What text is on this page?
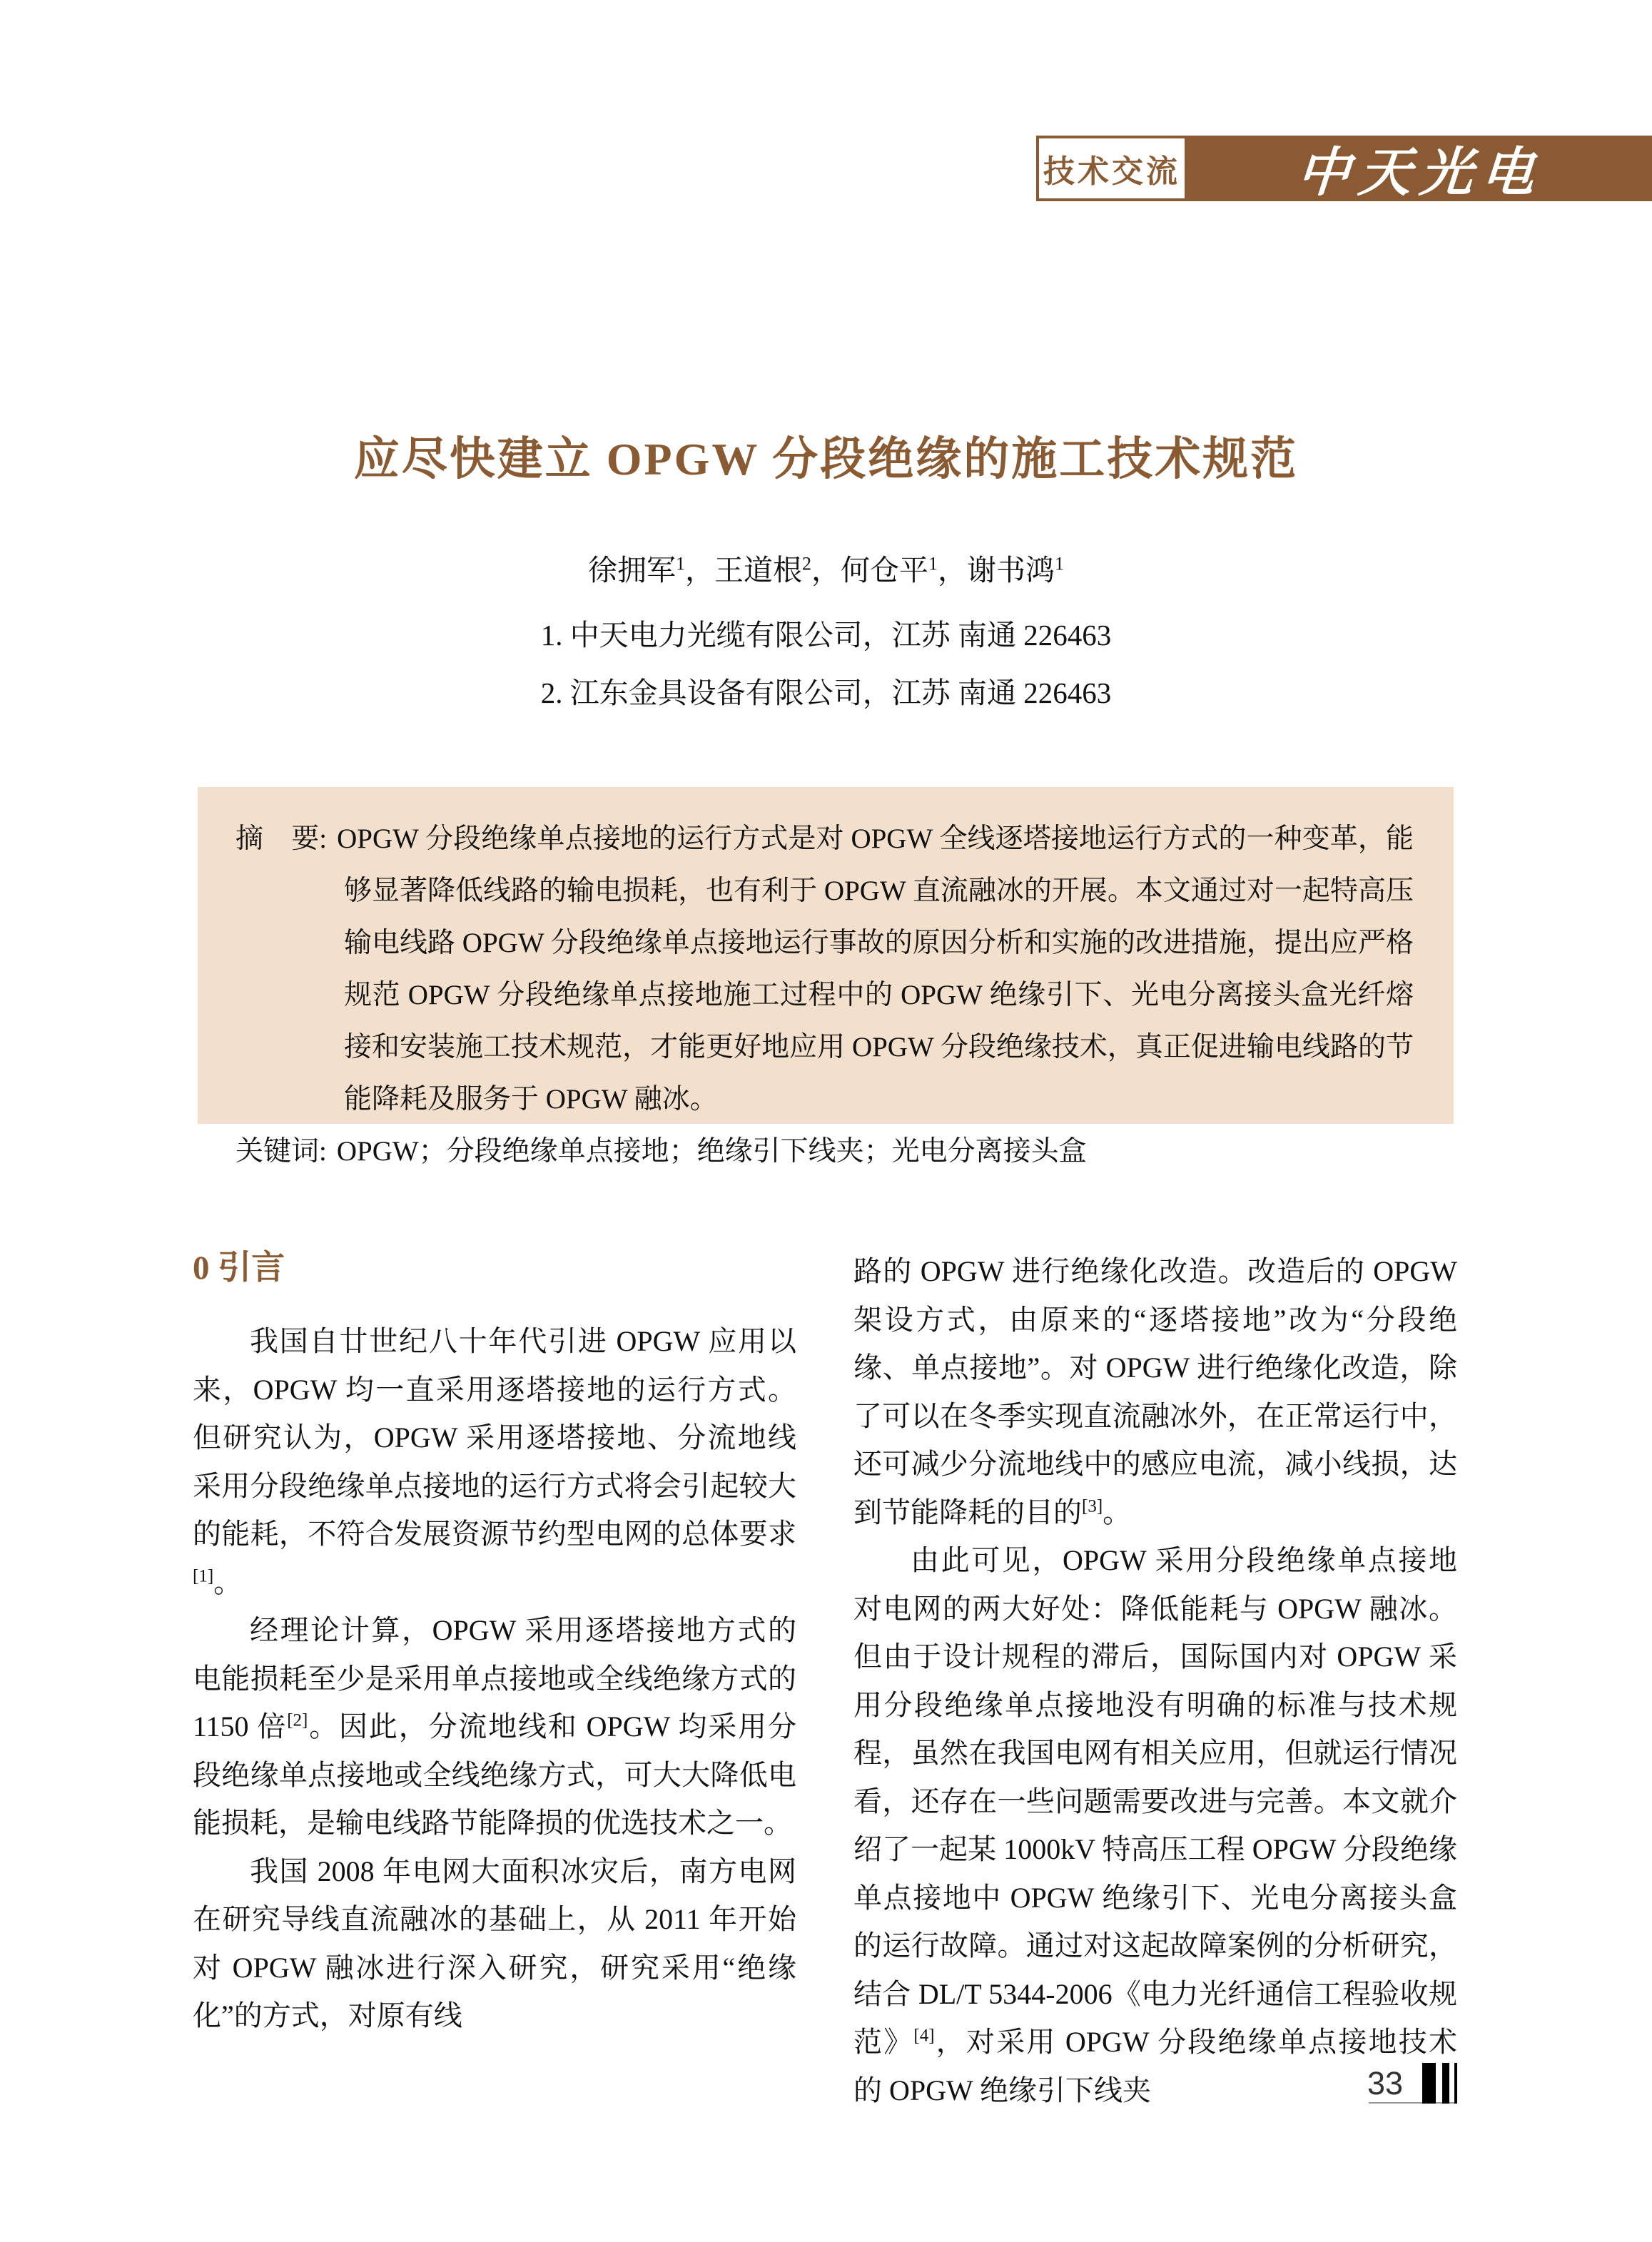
技术交流 中天光电
应尽快建立 OPGW 分段绝缘的施工技术规范
徐拥军$^1$，王道根$^2$，何仓平$^1$，谢书鸿$^1$
1. 中天电力光缆有限公司，江苏 南通 226463
2. 江东金具设备有限公司，江苏 南通 226463

摘　要: OPGW 分段绝缘单点接地的运行方式是对 OPGW 全线逐塔接地运行方式的一种变革，能够显著降低线路的输电损耗，也有利于 OPGW 直流融冰的开展。本文通过对一起特高压输电线路 OPGW 分段绝缘单点接地运行事故的原因分析和实施的改进措施，提出应严格规范 OPGW 分段绝缘单点接地施工过程中的 OPGW 绝缘引下、光电分离接头盒光纤熔接和安装施工技术规范，才能更好地应用 OPGW 分段绝缘技术，真正促进输电线路的节能降耗及服务于 OPGW 融冰。

关键词: OPGW；分段绝缘单点接地；绝缘引下线夹；光电分离接头盒

0 引言

我国自廿世纪八十年代引进 OPGW 应用以来，OPGW 均一直采用逐塔接地的运行方式。但研究认为，OPGW 采用逐塔接地、分流地线采用分段绝缘单点接地的运行方式将会引起较大的能耗，不符合发展资源节约型电网的总体要求[1]。

经理论计算，OPGW 采用逐塔接地方式的电能损耗至少是采用单点接地或全线绝缘方式的 1150 倍[2]。因此，分流地线和 OPGW 均采用分段绝缘单点接地或全线绝缘方式，可大大降低电能损耗，是输电线路节能降损的优选技术之一。

我国 2008 年电网大面积冰灾后，南方电网在研究导线直流融冰的基础上，从 2011 年开始对 OPGW 融冰进行深入研究，研究采用“绝缘化”的方式，对原有线

路的 OPGW 进行绝缘化改造。改造后的 OPGW 架设方式，由原来的“逐塔接地”改为“分段绝缘、单点接地”。对 OPGW 进行绝缘化改造，除了可以在冬季实现直流融冰外，在正常运行中，还可减少分流地线中的感应电流，减小线损，达到节能降耗的目的[3]。

由此可见，OPGW 采用分段绝缘单点接地对电网的两大好处：降低能耗与 OPGW 融冰。但由于设计规程的滞后，国际国内对 OPGW 采用分段绝缘单点接地没有明确的标准与技术规程，虽然在我国电网有相关应用，但就运行情况看，还存在一些问题需要改进与完善。本文就介绍了一起某 1000kV 特高压工程 OPGW 分段绝缘单点接地中 OPGW 绝缘引下、光电分离接头盒的运行故障。通过对这起故障案例的分析研究，结合 DL/T 5344-2006《电力光纤通信工程验收规范》[4]，对采用 OPGW 分段绝缘单点接地技术的 OPGW 绝缘引下线夹	33
